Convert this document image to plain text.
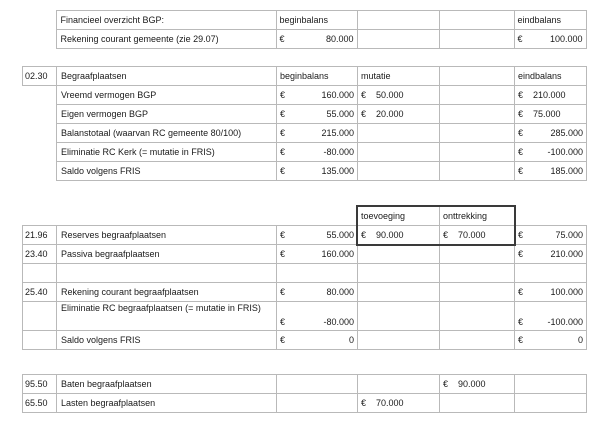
	Financieel overzicht BGP:	beginbalans			eindbalans
	Rekening courant gemeente (zie 29.07)	€ 80.000			€ 100.000
02.30	Begraafplaatsen	beginbalans	mutatie		eindbalans
	Vreemd vermogen BGP	€ 160.000	€ 50.000		€ 210.000

	Eigen vermogen BGP	€ 55.000	€ 20.000		€ 75.000

	Balanstotaal (waarvan RC gemeente 80/100)	€ 215.000			€ 285.000

	Eliminatie RC Kerk (= mutatie in FRIS)	€ -80.000			€ -100.000

	Saldo volgens FRIS	€ 135.000			€ 185.000
			toevoeging	onttrekking	
21.96	Reserves begraafplaatsen	€ 55.000	€ 90.000	€ 70.000	€ 75.000

23.40	Passiva begraafplaatsen	€ 160.000			€ 210.000

25.40	Rekening courant begraafplaatsen	€ 80.000			€ 100.000

	Eliminatie RC begraafplaatsen (= mutatie in FRIS)	€ -80.000			€ -100.000

	Saldo volgens FRIS	€ 0			€ 0
95.50	Baten begraafplaatsen			€ 90.000	

65.50	Lasten begraafplaatsen		€ 70.000		
